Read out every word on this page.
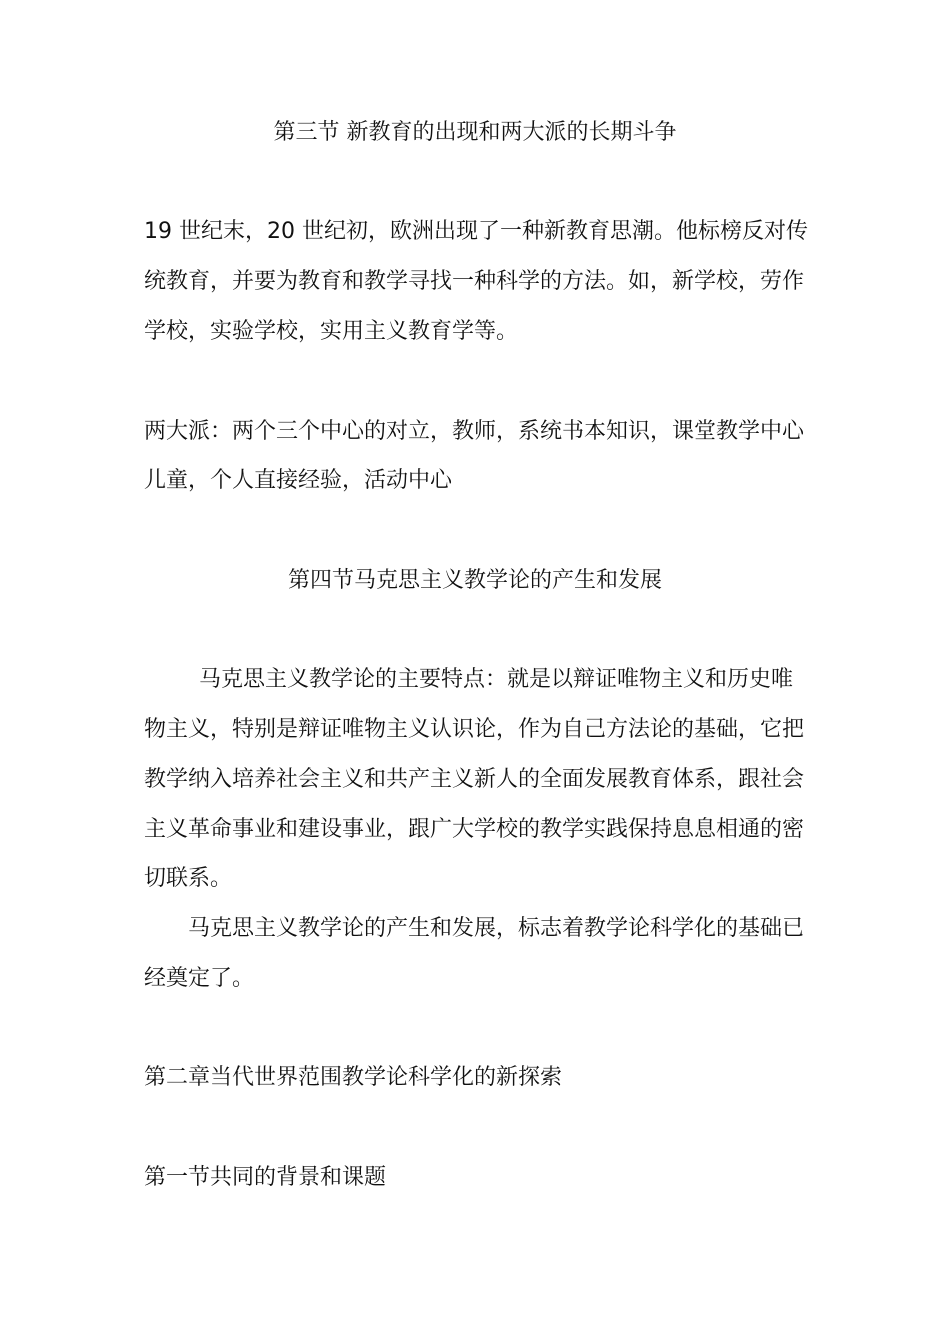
第三节 新教育的出现和两大派的长期斗争
19 世纪末，20 世纪初，欧洲出现了一种新教育思潮。他标榜反对传
统教育，并要为教育和教学寻找一种科学的方法。如，新学校，劳作
学校，实验学校，实用主义教育学等。
两大派：两个三个中心的对立，教师，系统书本知识，课堂教学中心
儿童，个人直接经验，活动中心
第四节马克思主义教学论的产生和发展
马克思主义教学论的主要特点：就是以辩证唯物主义和历史唯
物主义，特别是辩证唯物主义认识论，作为自己方法论的基础，它把
教学纳入培养社会主义和共产主义新人的全面发展教育体系，跟社会
主义革命事业和建设事业，跟广大学校的教学实践保持息息相通的密
切联系。
马克思主义教学论的产生和发展，标志着教学论科学化的基础已
经奠定了。
第二章当代世界范围教学论科学化的新探索
第一节共同的背景和课题
